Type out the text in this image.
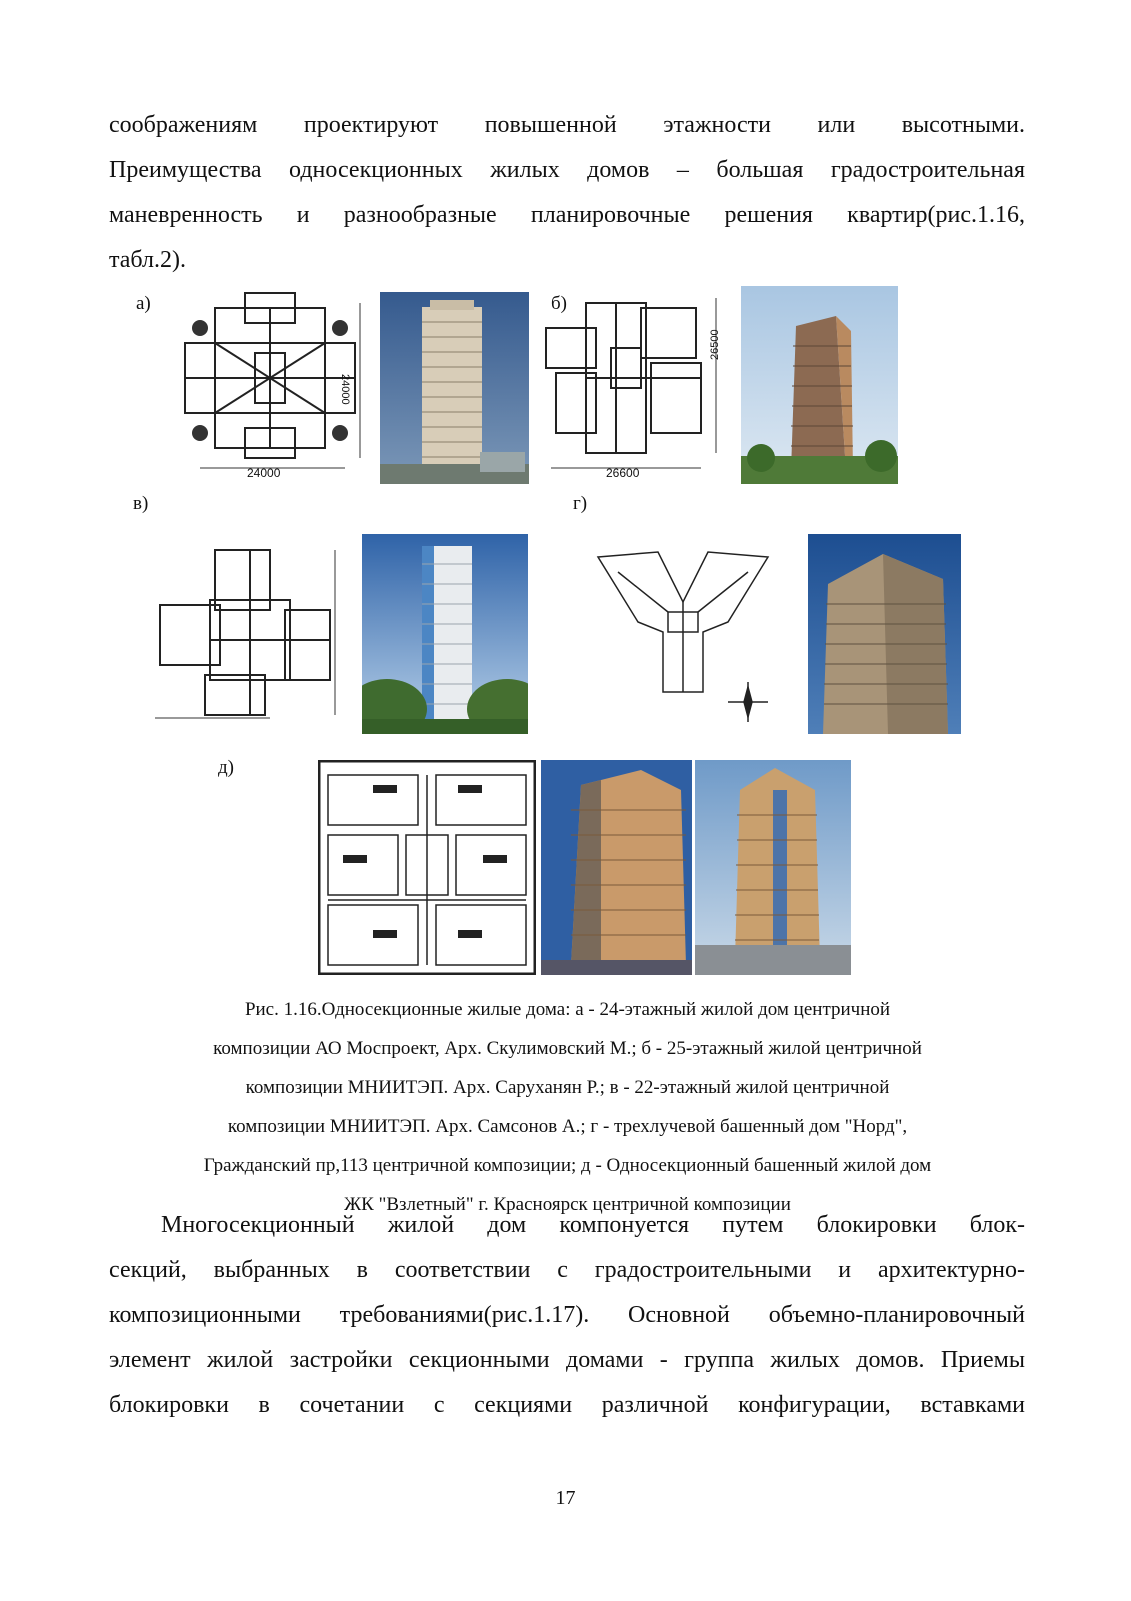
соображениям проектируют повышенной этажности или высотными.
Преимущества односекционных жилых домов – большая градостроительная
маневренность и разнообразные планировочные решения квартир(рис.1.16,
табл.2).
а)	б)
в)	г)
д)
24000
24000
26600
26500
Рис. 1.16.Односекционные жилые дома: а - 24-этажный жилой дом центричной
композиции АО Моспроект, Арх. Скулимовский М.; б - 25-этажный жилой центричной
композиции МНИИТЭП. Арх. Саруханян Р.; в - 22-этажный жилой центричной
композиции МНИИТЭП. Арх. Самсонов А.; г - трехлучевой башенный дом "Норд",
Гражданский пр,113 центричной композиции; д - Односекционный башенный жилой дом
ЖК "Взлетный" г. Красноярск центричной композиции
Многосекционный жилой дом компонуется путем блокировки блок-
секций, выбранных в соответствии с градостроительными и архитектурно-
композиционными требованиями(рис.1.17). Основной объемно-планировочный
элемент жилой застройки секционными домами - группа жилых домов. Приемы
блокировки в сочетании с секциями различной конфигурации, вставками
17
